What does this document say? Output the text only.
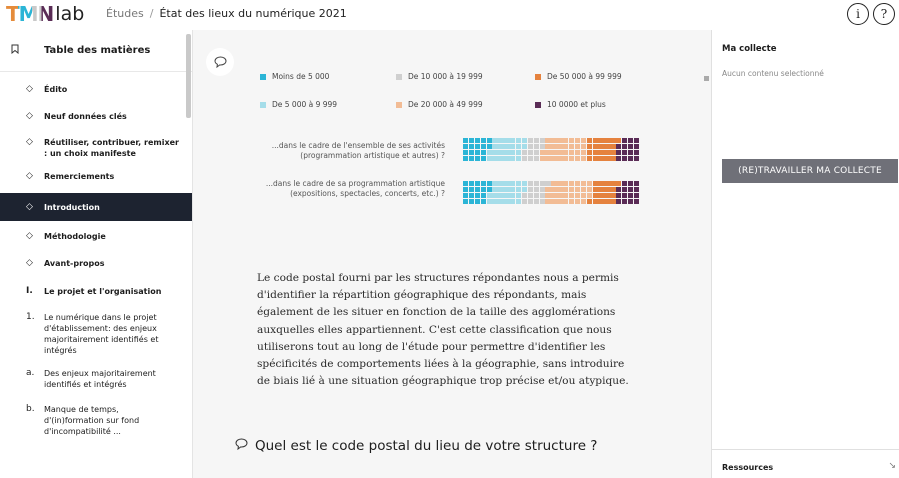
TMN lab Études / État des lieux du numérique 2021	i	?
Table des matières
◇	Édito
◇	Neuf données clés
◇	Réutiliser, contribuer, remixer : un choix manifeste
◇	Remerciements
◇	Introduction
◇	Méthodologie
◇	Avant-propos
I.	Le projet et l'organisation
1.	Le numérique dans le projet d'établissement: des enjeux majoritairement identifiés et intégrés
a.	Des enjeux majoritairement identifiés et intégrés
b.	Manque de temps, d'(in)formation sur fond d'incompatibilité ...
Moins de 5 000	De 10 000 à 19 999	De 50 000 à 99 999
De 5 000 à 9 999	De 20 000 à 49 999	10 0000 et plus
...dans le cadre de l'ensemble de ses activités (programmation artistique et autres) ?
...dans le cadre de sa programmation artistique (expositions, spectacles, concerts, etc.) ?

Le code postal fourni par les structures répondantes nous a permis d'identifier la répartition géographique des répondants, mais également de les situer en fonction de la taille des agglomérations auxquelles elles appartiennent. C'est cette classification que nous utiliserons tout au long de l'étude pour permettre d'identifier les spécificités de comportements liées à la géographie, sans introduire de biais lié à une situation géographique trop précise et/ou atypique.

Quel est le code postal du lieu de votre structure ?
Ma collecte
Aucun contenu selectionné
(RE)TRAVAILLER MA COLLECTE
Ressources	↘
